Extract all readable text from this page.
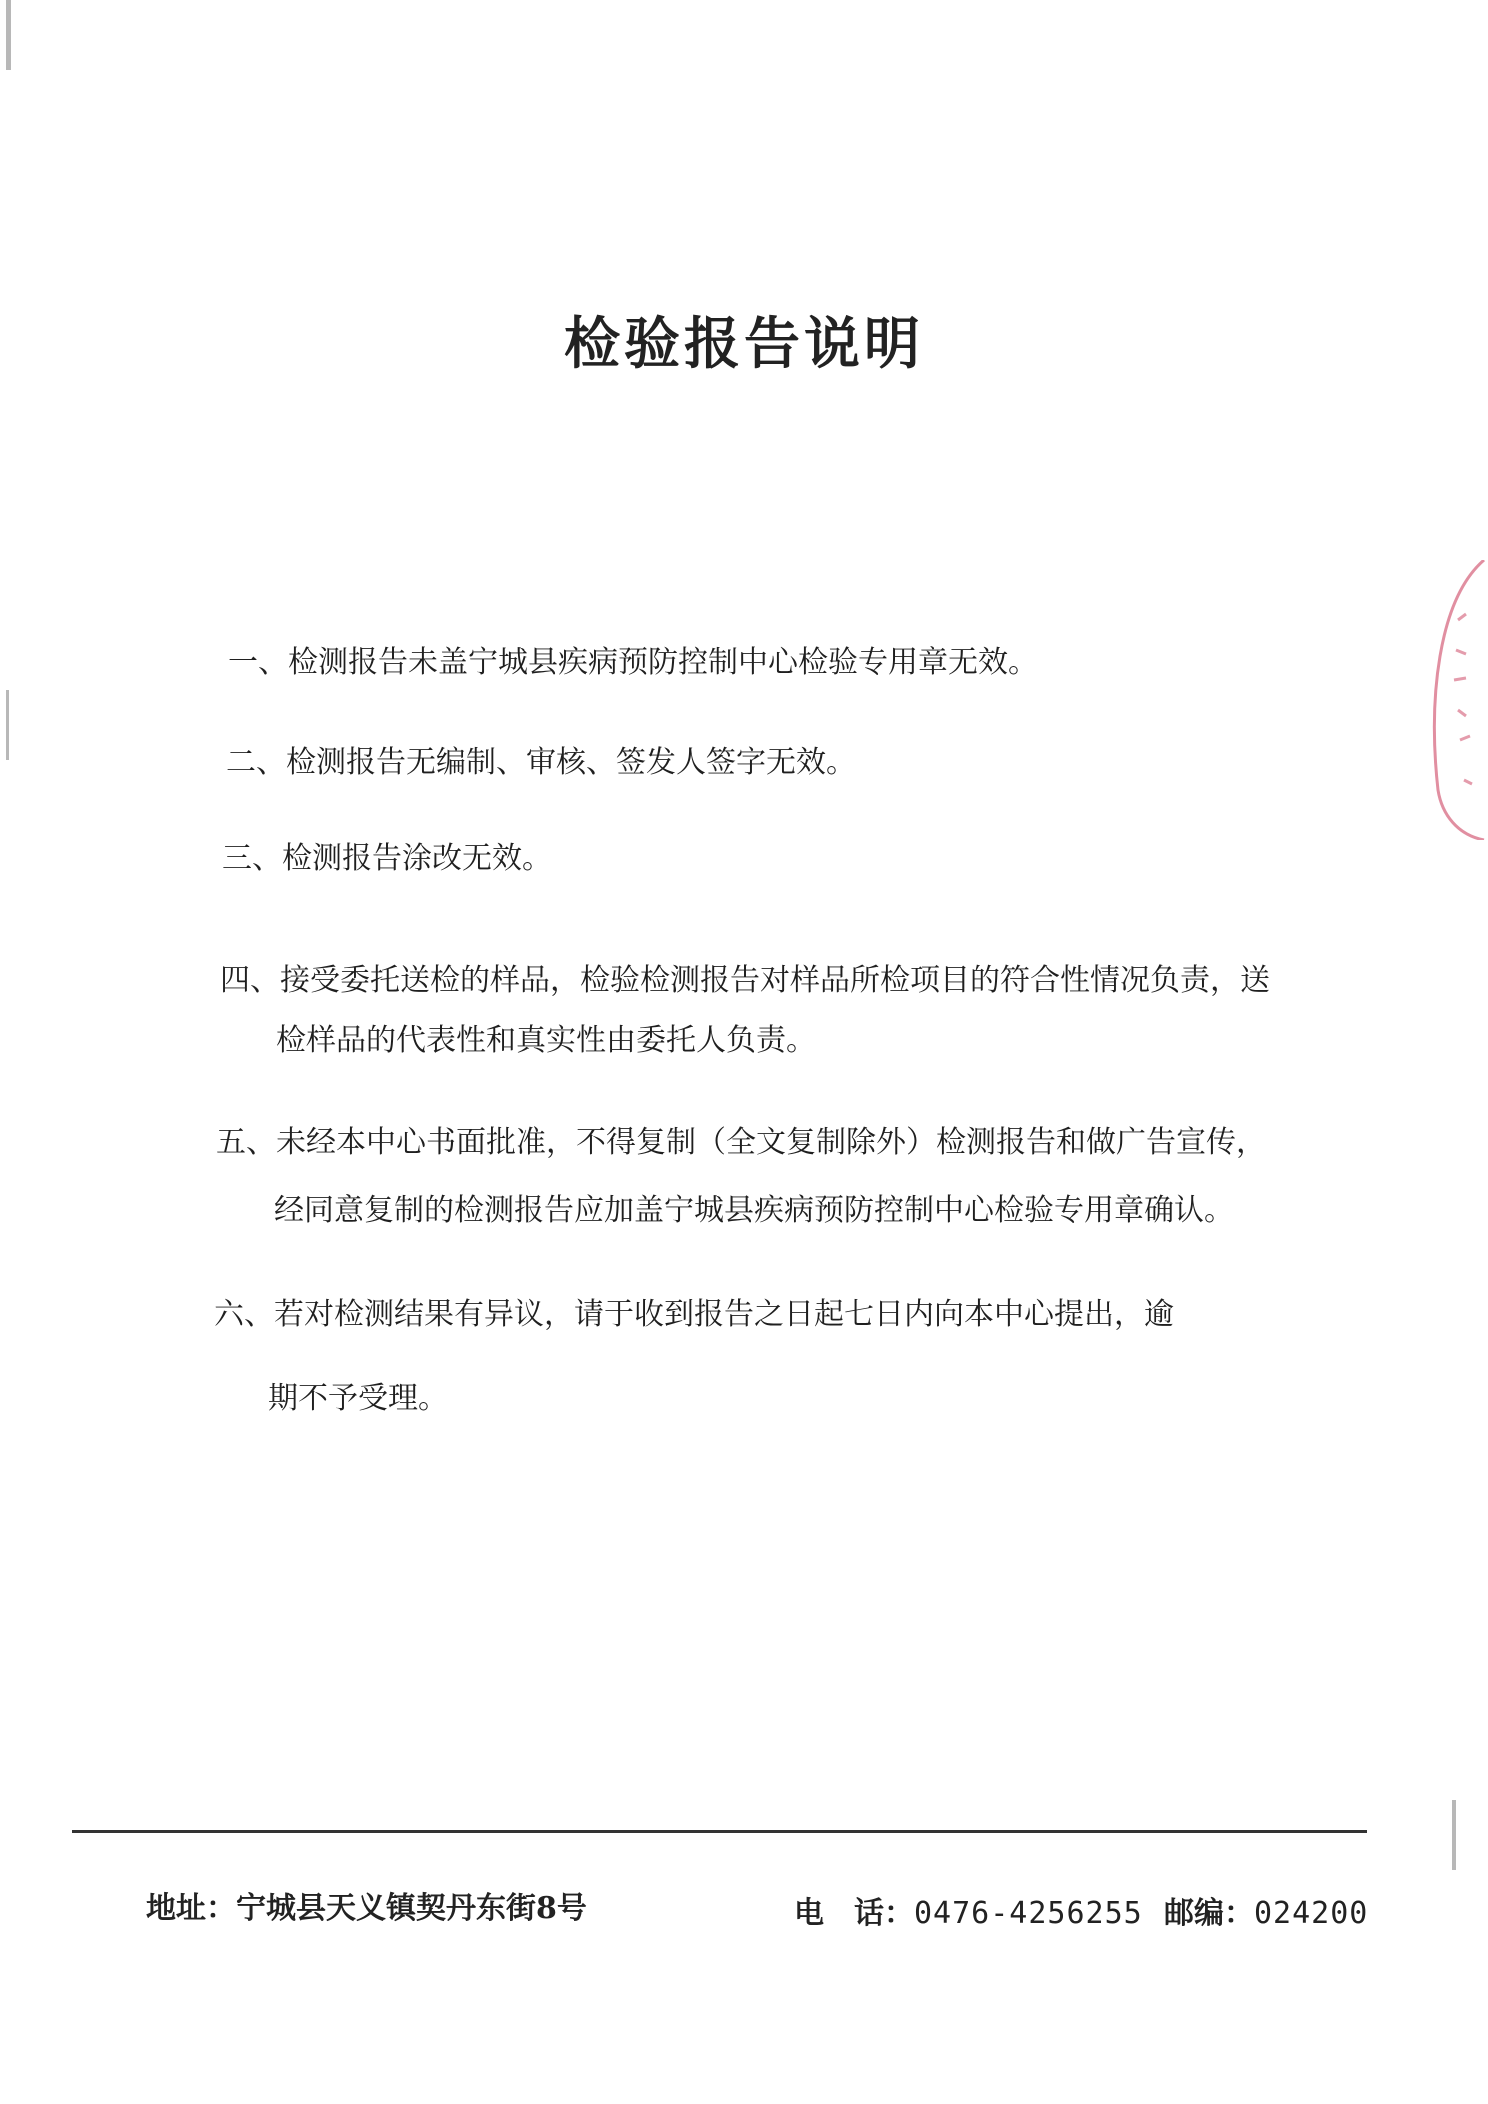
检验报告说明
一、检测报告未盖宁城县疾病预防控制中心检验专用章无效。
二、检测报告无编制、审核、签发人签字无效。
三、检测报告涂改无效。
四、接受委托送检的样品，检验检测报告对样品所检项目的符合性情况负责，送
检样品的代表性和真实性由委托人负责。
五、未经本中心书面批准，不得复制（全文复制除外）检测报告和做广告宣传，
经同意复制的检测报告应加盖宁城县疾病预防控制中心检验专用章确认。
六、若对检测结果有异议，请于收到报告之日起七日内向本中心提出，逾
期不予受理。
地址：宁城县天义镇契丹东街8号	电　话：0476-4256255 邮编：024200
